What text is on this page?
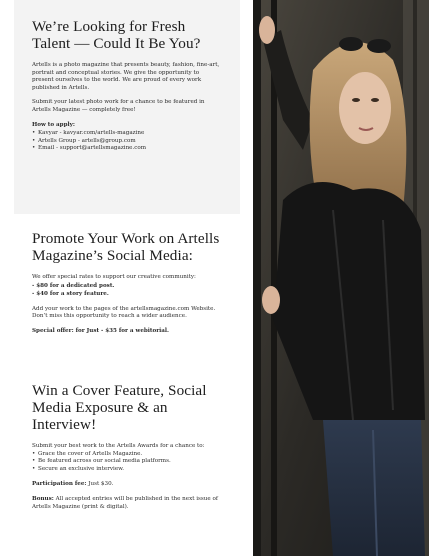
We’re Looking for Fresh Talent — Could It Be You?

Artells is a photo magazine that presents beauty, fashion, fine-art, portrait and conceptual stories. We give the opportunity to present ourselves to the world. We are proud of every work published in Artells.

Submit your latest photo work for a chance to be featured in Artells Magazine — completely free!

How to apply:

• Kavyar - kavyar.com/artells-magazine
• Artells Group - artells@group.com
• Email - support@artellsmagazine.com
Promote Your Work on Artells Magazine’s Social Media:

We offer special rates to support our creative community:

- $80 for a dedicated post.

- $40 for a story feature.

Add your work to the pages of the artellsmagazine.com Website. Don’t miss this opportunity to reach a wider audience.

Special offer: for Just - $35 for a webitorial.

Win a Cover Feature, Social Media Exposure & an Interview!

Submit your best work to the Artells Awards for a chance to:

• Grace the cover of Artells Magazine.
• Be featured across our social media platforms.
• Secure an exclusive interview.

Participation fee: Just $30.

Bonus: All accepted entries will be published in the next issue of Artells Magazine (print & digital).
